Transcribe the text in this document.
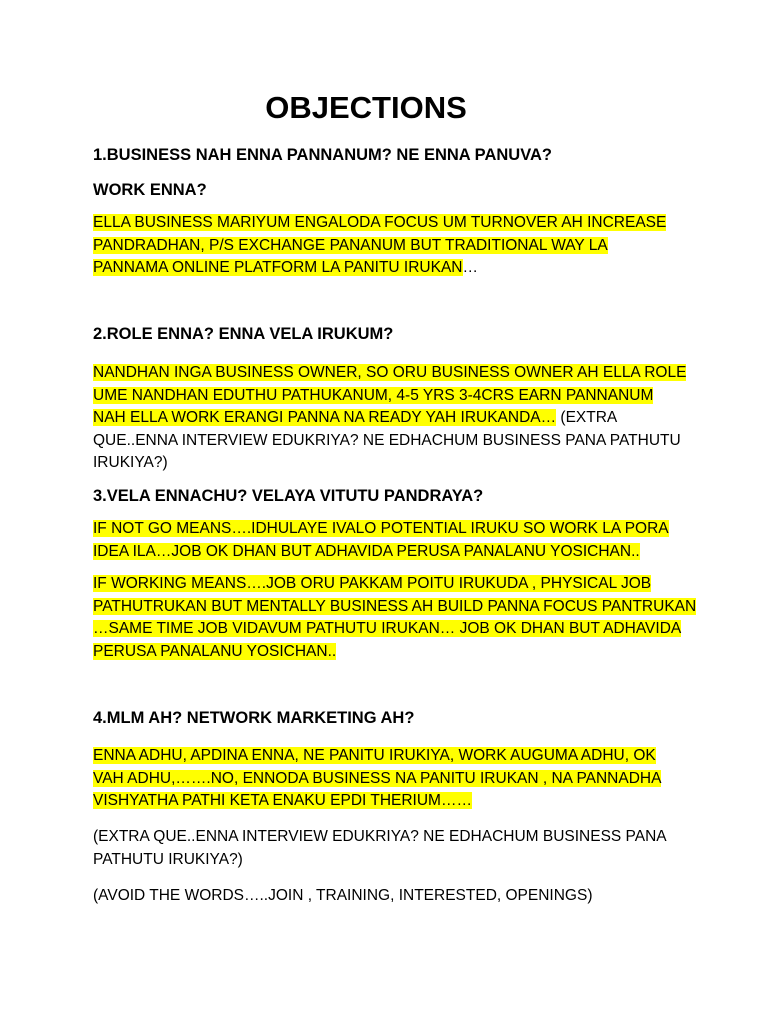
OBJECTIONS
1.BUSINESS NAH ENNA PANNANUM? NE ENNA PANUVA?
WORK ENNA?
ELLA BUSINESS MARIYUM ENGALODA FOCUS UM TURNOVER AH INCREASE
PANDRADHAN, P/S EXCHANGE PANANUM BUT TRADITIONAL WAY LA
PANNAMA ONLINE PLATFORM LA PANITU IRUKAN…
2.ROLE ENNA? ENNA VELA IRUKUM?
NANDHAN INGA BUSINESS OWNER, SO ORU BUSINESS OWNER AH ELLA ROLE
UME NANDHAN EDUTHU PATHUKANUM, 4-5 YRS 3-4CRS EARN PANNANUM
NAH ELLA WORK ERANGI PANNA NA READY YAH IRUKANDA… (EXTRA
QUE..ENNA INTERVIEW EDUKRIYA? NE EDHACHUM BUSINESS PANA PATHUTU
IRUKIYA?)
3.VELA ENNACHU? VELAYA VITUTU PANDRAYA?
IF NOT GO MEANS….IDHULAYE IVALO POTENTIAL IRUKU SO WORK LA PORA
IDEA ILA…JOB OK DHAN BUT ADHAVIDA PERUSA PANALANU YOSICHAN..
IF WORKING MEANS….JOB ORU PAKKAM POITU IRUKUDA , PHYSICAL JOB
PATHUTRUKAN BUT MENTALLY BUSINESS AH BUILD PANNA FOCUS PANTRUKAN
…SAME TIME JOB VIDAVUM PATHUTU IRUKAN… JOB OK DHAN BUT ADHAVIDA
PERUSA PANALANU YOSICHAN..
4.MLM AH? NETWORK MARKETING AH?
ENNA ADHU, APDINA ENNA, NE PANITU IRUKIYA, WORK AUGUMA ADHU, OK
VAH ADHU,…….NO, ENNODA BUSINESS NA PANITU IRUKAN , NA PANNADHA
VISHYATHA PATHI KETA ENAKU EPDI THERIUM……
(EXTRA QUE..ENNA INTERVIEW EDUKRIYA? NE EDHACHUM BUSINESS PANA
PATHUTU IRUKIYA?)
(AVOID THE WORDS…..JOIN , TRAINING, INTERESTED, OPENINGS)
